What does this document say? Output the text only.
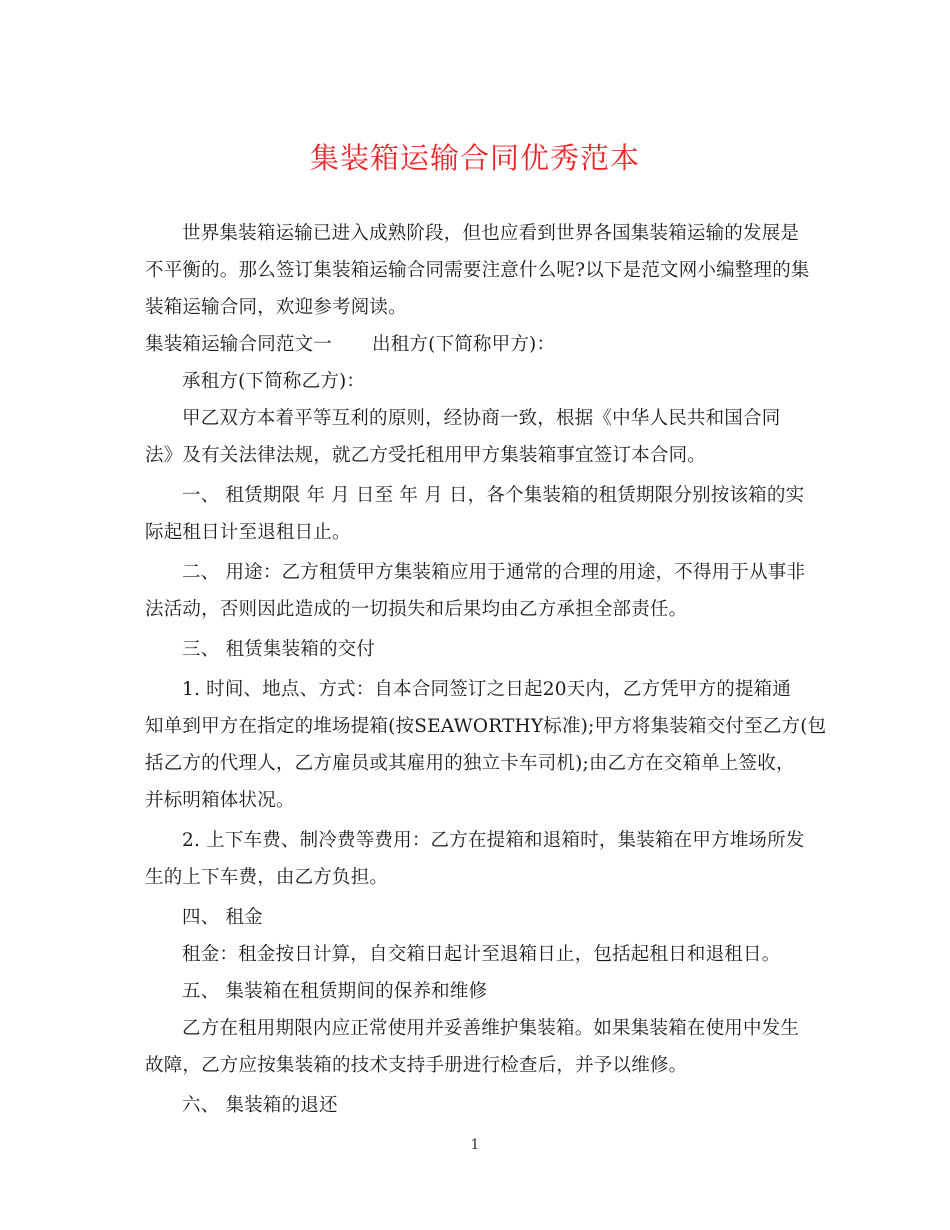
集装箱运输合同优秀范本
世界集装箱运输已进入成熟阶段，但也应看到世界各国集装箱运输的发展是
不平衡的。那么签订集装箱运输合同需要注意什么呢?以下是范文网小编整理的集
装箱运输合同，欢迎参考阅读。
集装箱运输合同范文一 出租方(下简称甲方)：
承租方(下简称乙方)：
甲乙双方本着平等互利的原则，经协商一致，根据《中华人民共和国合同
法》及有关法律法规，就乙方受托租用甲方集装箱事宜签订本合同。
一、 租赁期限 年 月 日至 年 月 日，各个集装箱的租赁期限分别按该箱的实
际起租日计至退租日止。
二、 用途：乙方租赁甲方集装箱应用于通常的合理的用途，不得用于从事非
法活动，否则因此造成的一切损失和后果均由乙方承担全部责任。
三、 租赁集装箱的交付
1. 时间、地点、方式：自本合同签订之日起20天内，乙方凭甲方的提箱通
知单到甲方在指定的堆场提箱(按SEAWORTHY标准);甲方将集装箱交付至乙方(包
括乙方的代理人，乙方雇员或其雇用的独立卡车司机);由乙方在交箱单上签收，
并标明箱体状况。
2. 上下车费、制冷费等费用：乙方在提箱和退箱时，集装箱在甲方堆场所发
生的上下车费，由乙方负担。
四、 租金
租金：租金按日计算，自交箱日起计至退箱日止，包括起租日和退租日。
五、 集装箱在租赁期间的保养和维修
乙方在租用期限内应正常使用并妥善维护集装箱。如果集装箱在使用中发生
故障，乙方应按集装箱的技术支持手册进行检查后，并予以维修。
六、 集装箱的退还
1
